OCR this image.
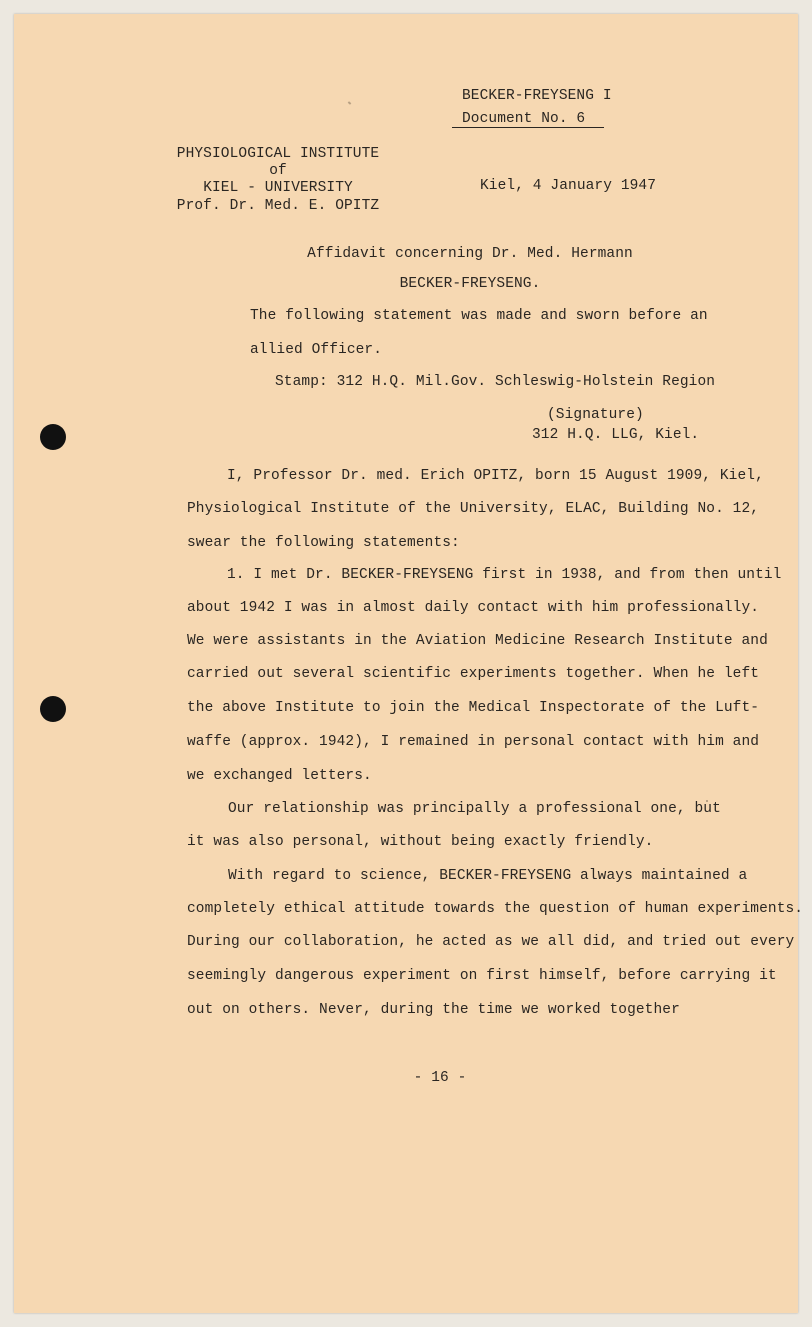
BECKER-FREYSENG I
Document No. 6
PHYSIOLOGICAL INSTITUTE
of
KIEL - UNIVERSITY
Prof. Dr. Med. E. OPITZ
Kiel, 4 January 1947
Affidavit concerning Dr. Med. Hermann
BECKER-FREYSENG.
The following statement was made and sworn before an
allied Officer.
Stamp: 312 H.Q. Mil.Gov. Schleswig-Holstein Region
(Signature)
312 H.Q. LLG, Kiel.
I, Professor Dr. med. Erich OPITZ, born 15 August 1909, Kiel,
Physiological Institute of the University, ELAC, Building No. 12,
swear the following statements:
1. I met Dr. BECKER-FREYSENG first in 1938, and from then until
about 1942 I was in almost daily contact with him professionally.
We were assistants in the Aviation Medicine Research Institute and
carried out several scientific experiments together. When he left
the above Institute to join the Medical Inspectorate of the Luft-
waffe (approx. 1942), I remained in personal contact with him and
we exchanged letters.
Our relationship was principally a professional one, but
it was also personal, without being exactly friendly.
With regard to science, BECKER-FREYSENG always maintained a
completely ethical attitude towards the question of human experiments.
During our collaboration, he acted as we all did, and tried out every
seemingly dangerous experiment on first himself, before carrying it
out on others. Never, during the time we worked together
- 16 -
